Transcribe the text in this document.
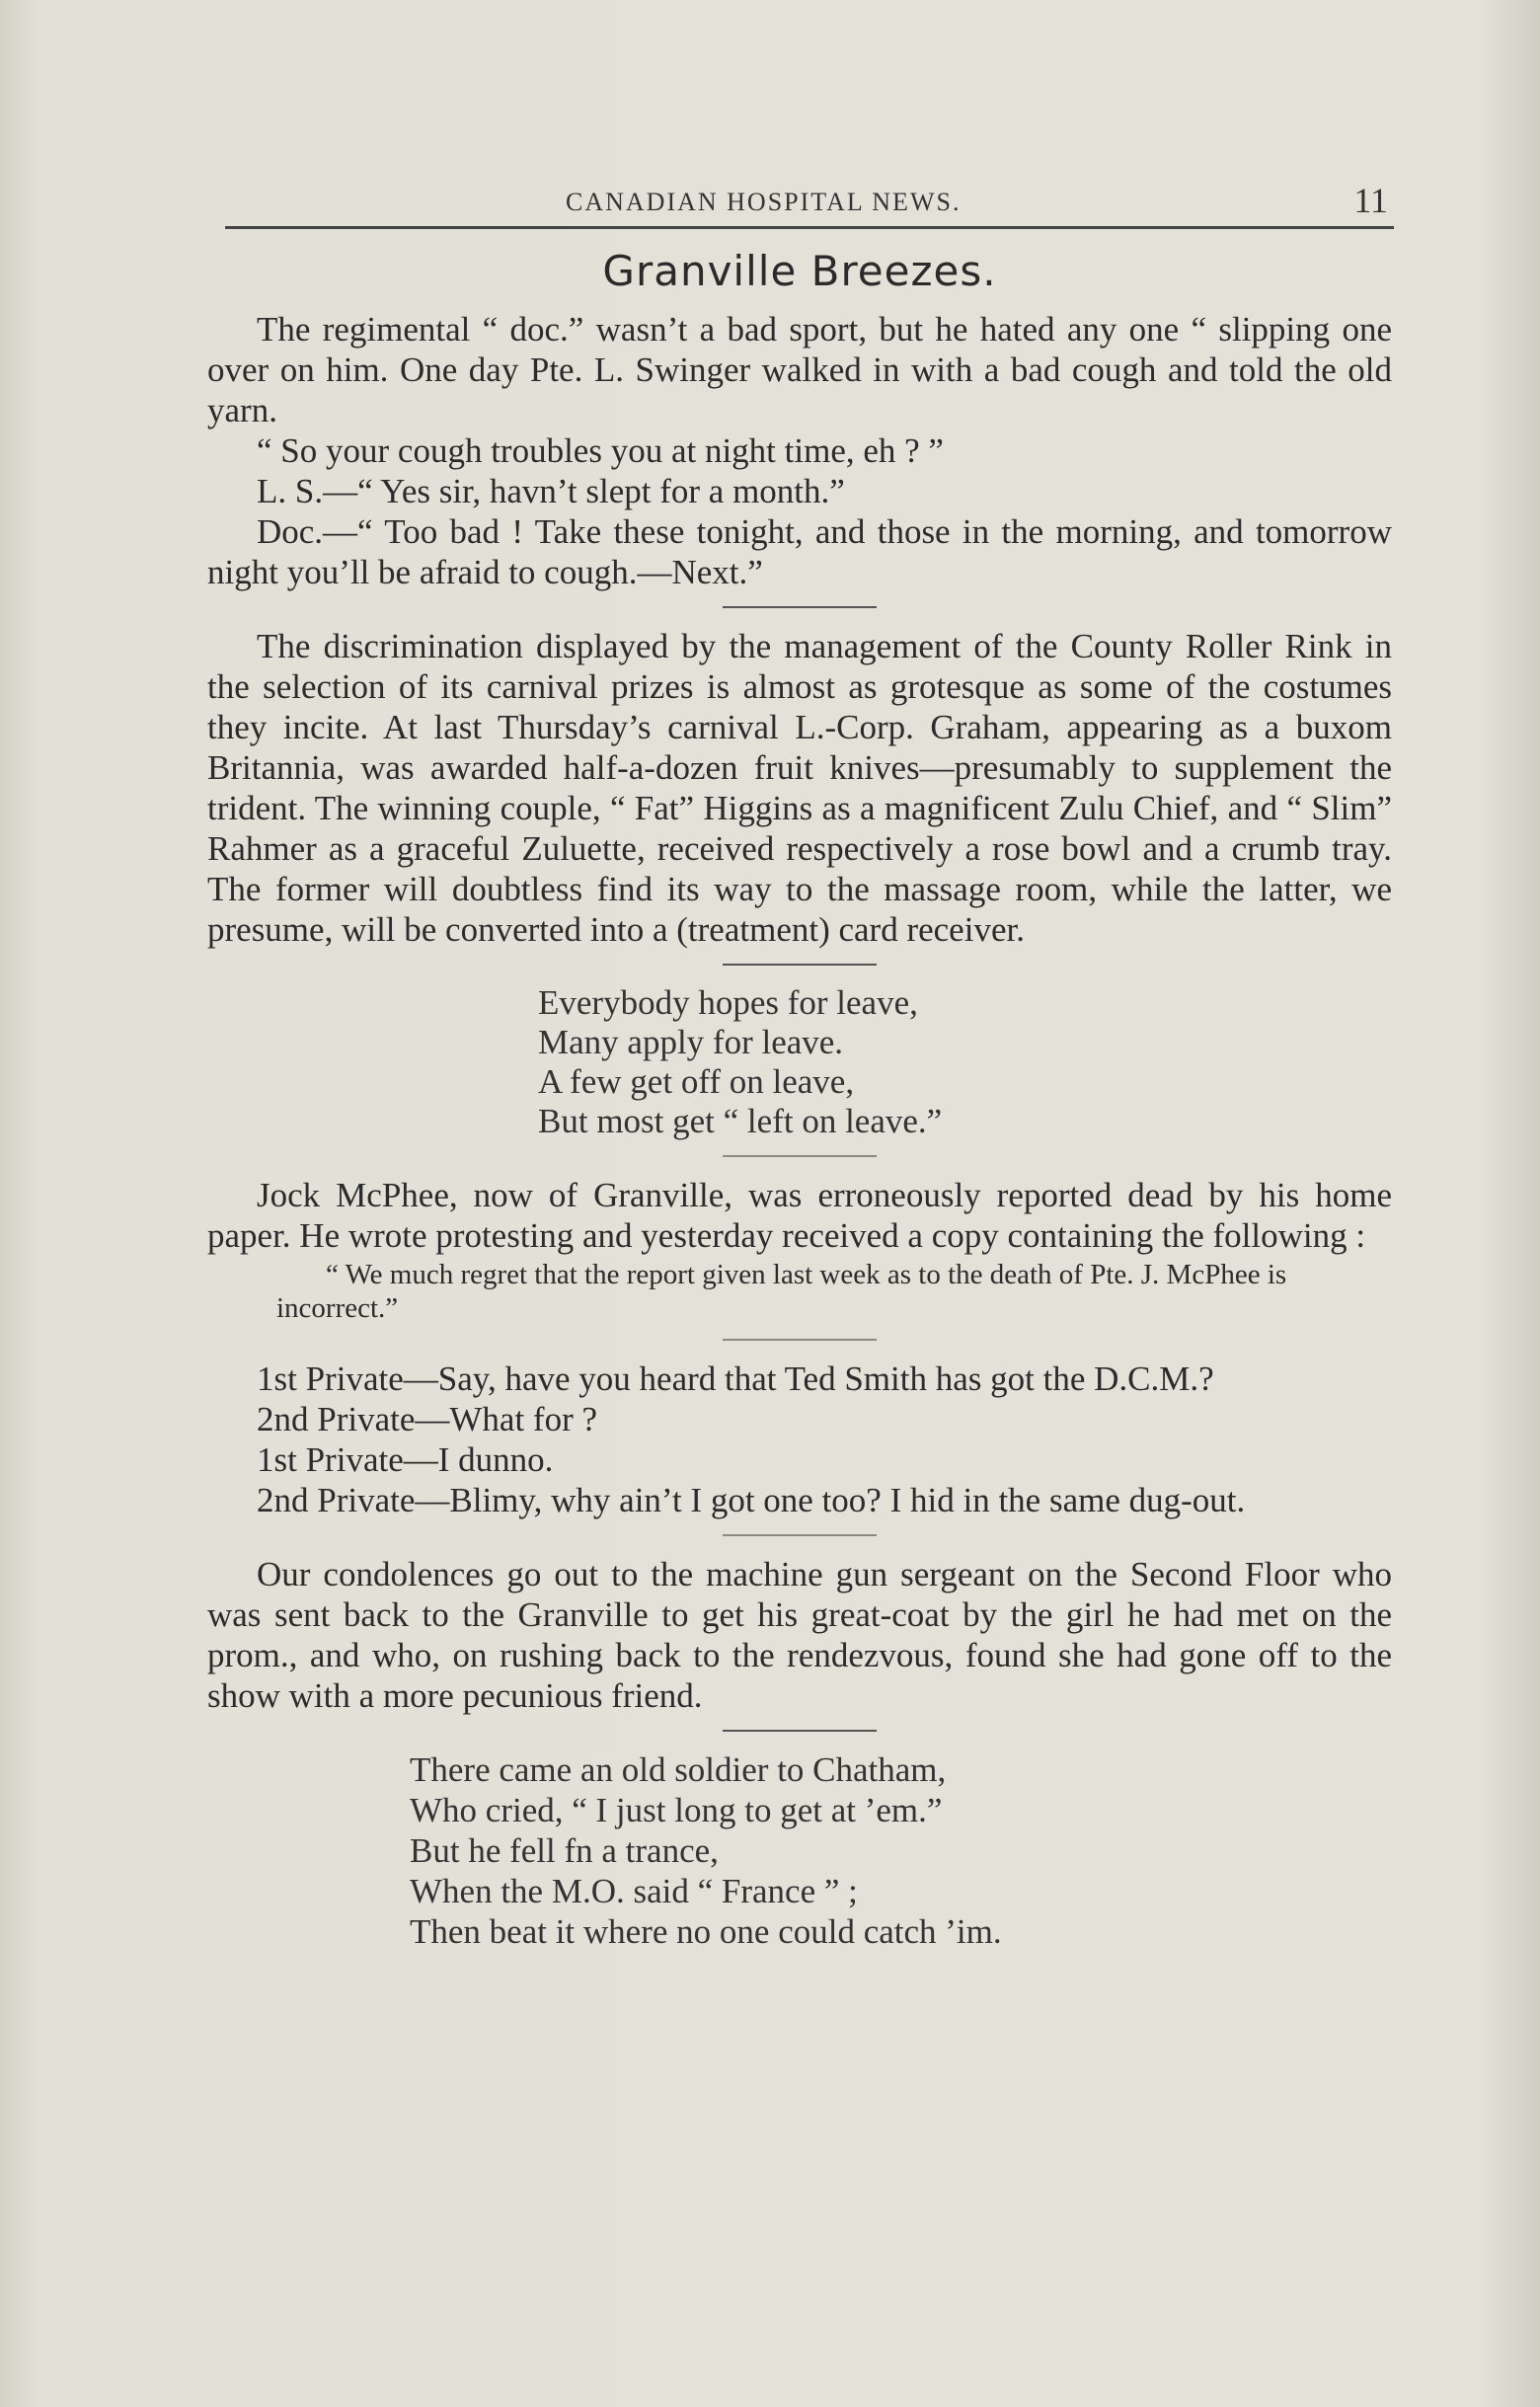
CANADIAN HOSPITAL NEWS.	11
Granville Breezes.

The regimental “ doc.” wasn’t a bad sport, but he hated any one “ slipping one over on him. One day Pte. L. Swinger walked in with a bad cough and told the old yarn.

“ So your cough troubles you at night time, eh ? ”

L. S.—“ Yes sir, havn’t slept for a month.”

Doc.—“ Too bad ! Take these tonight, and those in the morning, and tomorrow night you’ll be afraid to cough.—Next.”

The discrimination displayed by the management of the County Roller Rink in the selection of its carnival prizes is almost as grotesque as some of the costumes they incite. At last Thursday’s carnival L.-Corp. Graham, appearing as a buxom Britannia, was awarded half-a-dozen fruit knives—presumably to supplement the trident. The winning couple, “ Fat” Higgins as a magnificent Zulu Chief, and “ Slim” Rahmer as a graceful Zuluette, received respectively a rose bowl and a crumb tray. The former will doubtless find its way to the massage room, while the latter, we presume, will be converted into a (treatment) card receiver.

Everybody hopes for leave,
Many apply for leave.
A few get off on leave,
But most get “ left on leave.”

Jock McPhee, now of Granville, was erroneously reported dead by his home paper. He wrote protesting and yesterday received a copy containing the following :

“ We much regret that the report given last week as to the death of Pte. J. McPhee is incorrect.”

1st Private—Say, have you heard that Ted Smith has got the D.C.M.?

2nd Private—What for ?

1st Private—I dunno.

2nd Private—Blimy, why ain’t I got one too? I hid in the same dug-out.

Our condolences go out to the machine gun sergeant on the Second Floor who was sent back to the Granville to get his great-coat by the girl he had met on the prom., and who, on rushing back to the rendezvous, found she had gone off to the show with a more pecunious friend.

There came an old soldier to Chatham,
Who cried, “ I just long to get at ’em.”
But he fell fn a trance,
When the M.O. said “ France ” ;
Then beat it where no one could catch ’im.
